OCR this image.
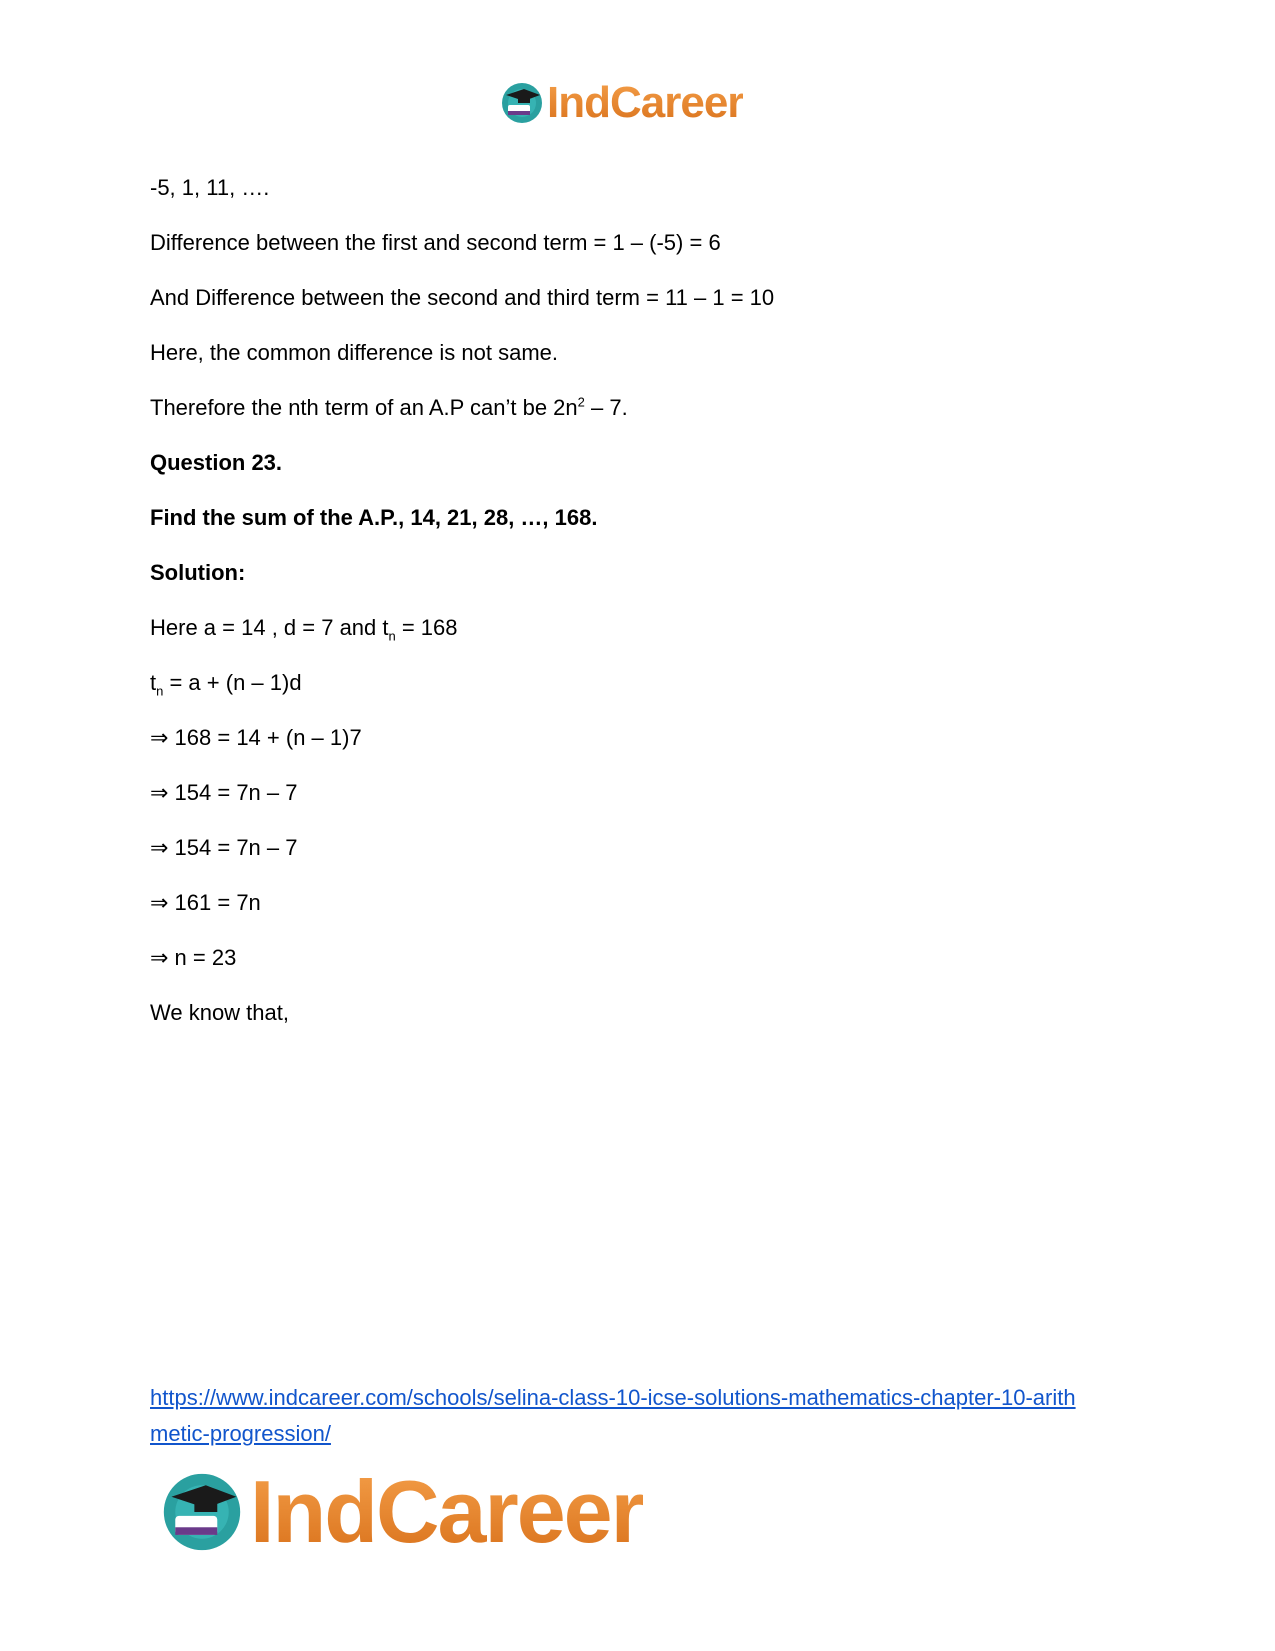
IndCareer

-5, 1, 11, ….

Difference between the first and second term = 1 – (-5) = 6

And Difference between the second and third term = 11 – 1 = 10

Here, the common difference is not same.

Therefore the nth term of an A.P can’t be $2n^2 - 7$.

Question 23.

Find the sum of the A.P., 14, 21, 28, …, 168.

Solution:

Here a = 14 , d = 7 and $t_n = 168$

$t_n = a + (n - 1)d$

⇒ 168 = 14 + (n – 1)7

⇒ 154 = 7n – 7

⇒ 154 = 7n – 7

⇒ 161 = 7n

⇒ n = 23

We know that,

https://www.indcareer.com/schools/selina-class-10-icse-solutions-mathematics-chapter-10-arith
metic-progression/
IndCareer
